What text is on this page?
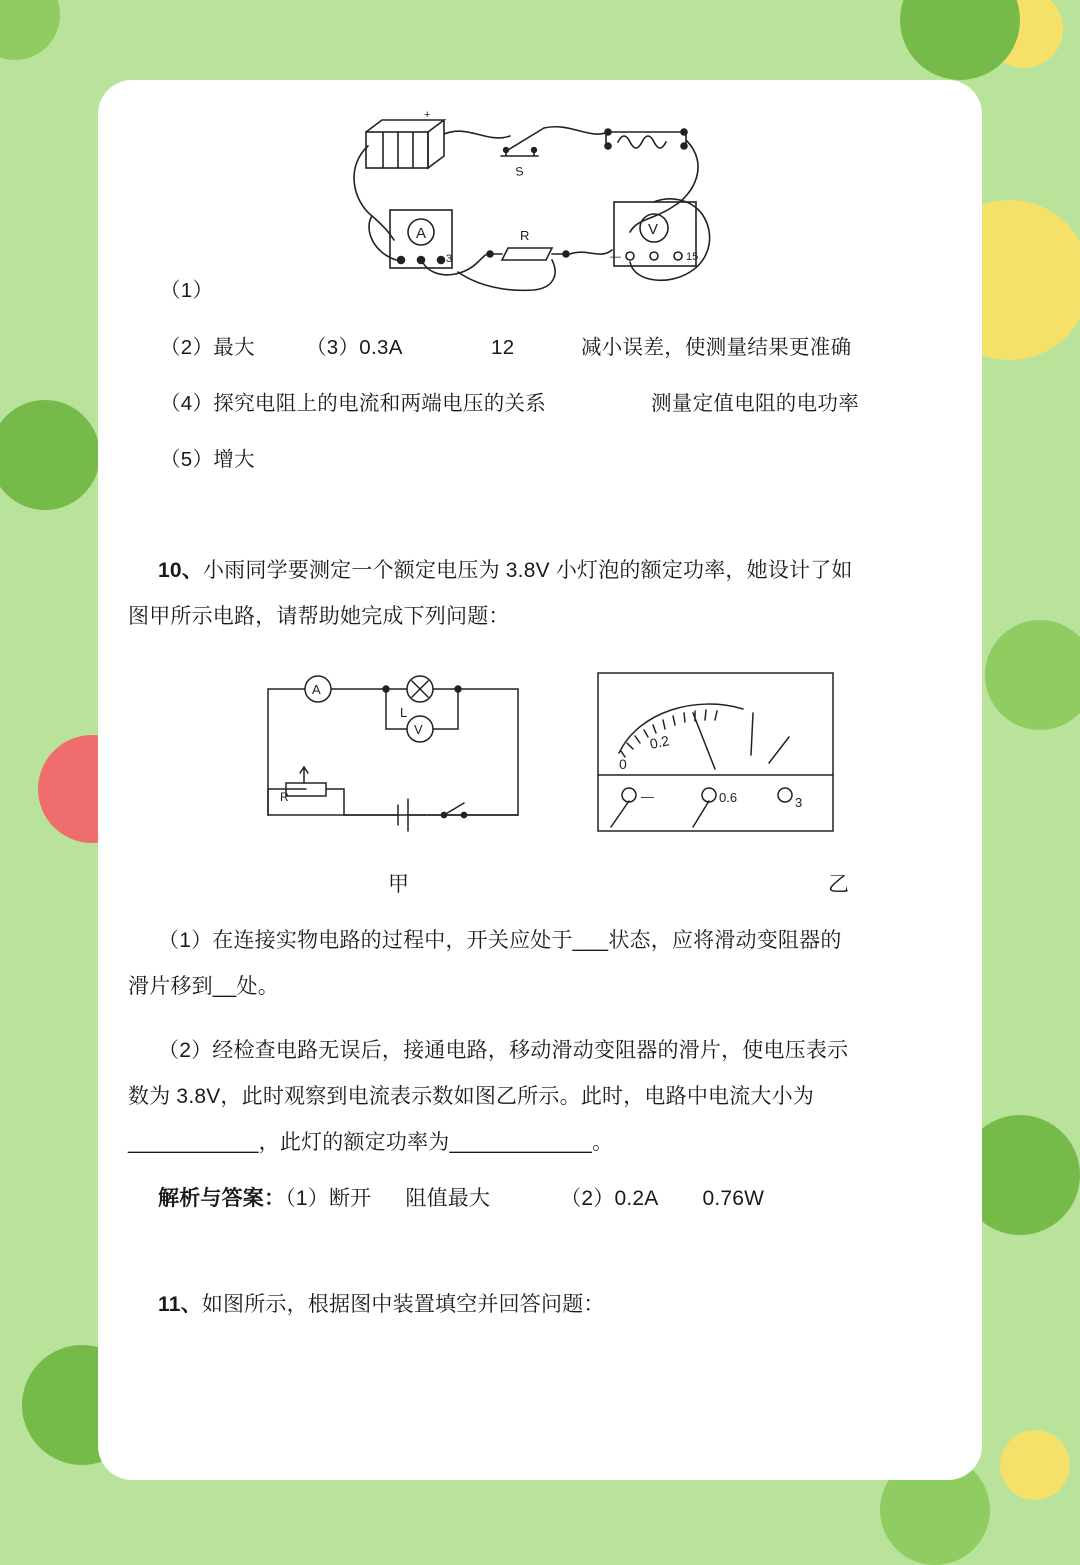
+
S
A
3
R	V
—	15
（1）
（2）最大 （3）0.3A	12	减小误差，使测量结果更准确
（4）探究电阻上的电流和两端电压的关系	测量定值电阻的电功率
（5）增大
10、小雨同学要测定一个额定电压为 3.8V 小灯泡的额定功率，她设计了如
图甲所示电路，请帮助她完成下列问题：
A
L
V
R
0.2
0
—	0.6	3
甲	乙
（1）在连接实物电路的过程中，开关应处于___状态，应将滑动变阻器的
滑片移到__处。
（2）经检查电路无误后，接通电路，移动滑动变阻器的滑片，使电压表示
数为 3.8V，此时观察到电流表示数如图乙所示。此时，电路中电流大小为
___________，此灯的额定功率为____________。
解析与答案：（1）断开 阻值最大	（2）0.2A 0.76W
11、如图所示，根据图中装置填空并回答问题：
